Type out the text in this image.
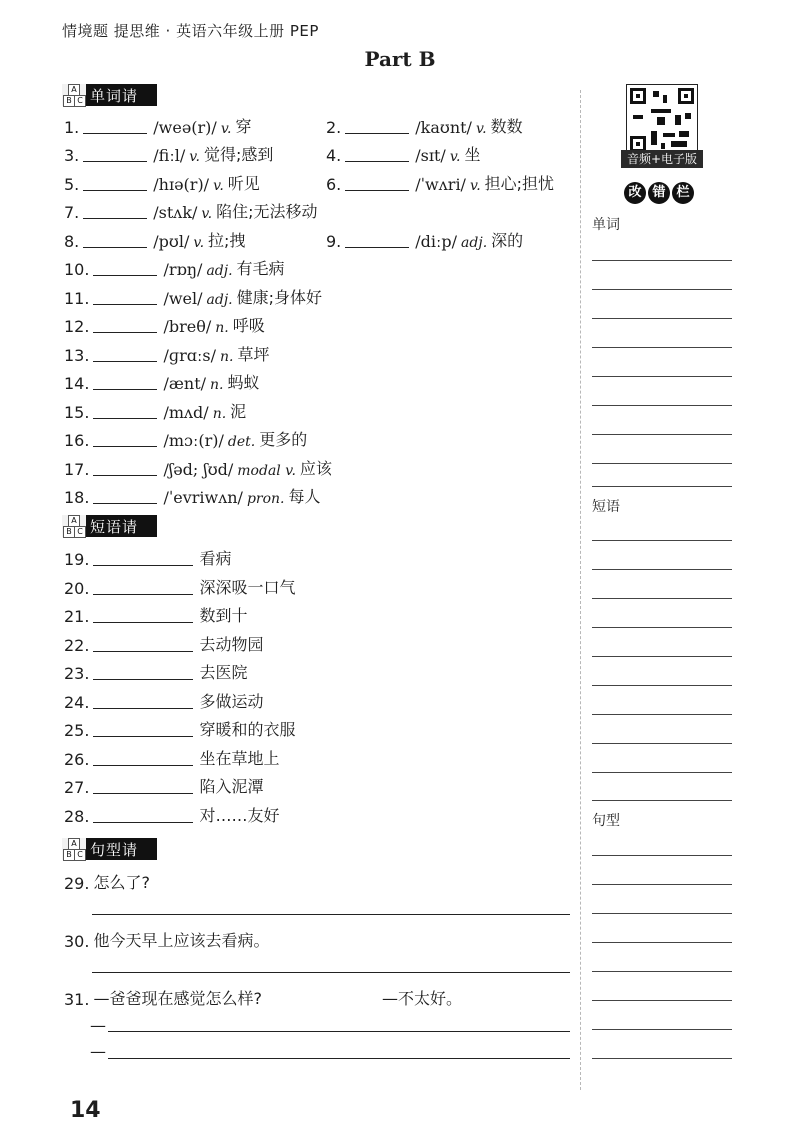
情境题 提思维 · 英语六年级上册 PEP
Part B
A
B C 单词请
A
B C 短语请
A
B C 句型请
1.	/weə(r)/ v. 穿	2.	/kaʊnt/ v. 数数
3.	/fiːl/ v. 觉得;感到	4.	/sɪt/ v. 坐
5.	/hɪə(r)/ v. 听见	6.	/ˈwʌri/ v. 担心;担忧
7.	/stʌk/ v. 陷住;无法移动
8.	/pʊl/ v. 拉;拽	9.	/diːp/ adj. 深的
10.	/rɒŋ/ adj. 有毛病
11.	/wel/ adj. 健康;身体好
12.	/breθ/ n. 呼吸
13.	/ɡrɑːs/ n. 草坪
14.	/ænt/ n. 蚂蚁
15.	/mʌd/ n. 泥
16.	/mɔː(r)/ det. 更多的
17.	/ʃəd; ʃʊd/ modal v. 应该
18.	/ˈevriwʌn/ pron. 每人
19.	看病
20.	深深吸一口气
21.	数到十
22.	去动物园
23.	去医院
24.	多做运动
25.	穿暖和的衣服
26.	坐在草地上
27.	陷入泥潭
28.	对……友好
29. 怎么了?
30. 他今天早上应该去看病。
31. —爸爸现在感觉怎么样?	—不太好。
—
—
音频+电子版
改 错 栏
单词
短语
句型
14
